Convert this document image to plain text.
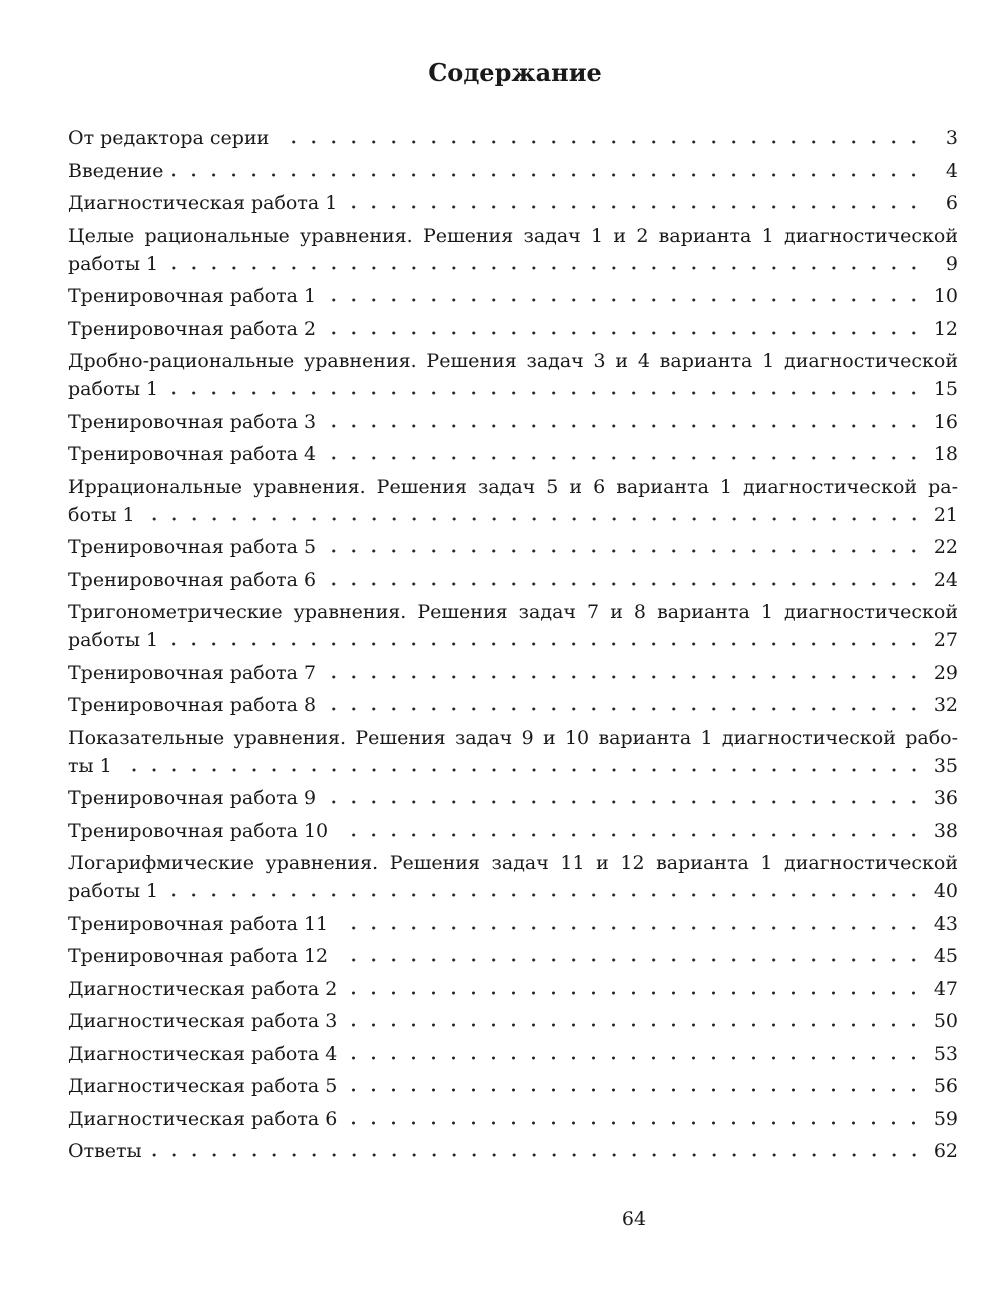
Содержание
От редактора серии	3
Введение	4
Диагностическая работа 1	6
Целые рациональные уравнения. Решения задач 1 и 2 варианта 1 диагностической
работы 1	9
Тренировочная работа 1	10
Тренировочная работа 2	12
Дробно-рациональные уравнения. Решения задач 3 и 4 варианта 1 диагностической
работы 1	15
Тренировочная работа 3	16
Тренировочная работа 4	18
Иррациональные уравнения. Решения задач 5 и 6 варианта 1 диагностической ра-
боты 1	21
Тренировочная работа 5	22
Тренировочная работа 6	24
Тригонометрические уравнения. Решения задач 7 и 8 варианта 1 диагностической
работы 1	27
Тренировочная работа 7	29
Тренировочная работа 8	32
Показательные уравнения. Решения задач 9 и 10 варианта 1 диагностической рабо-
ты 1	35
Тренировочная работа 9	36
Тренировочная работа 10	38
Логарифмические уравнения. Решения задач 11 и 12 варианта 1 диагностической
работы 1	40
Тренировочная работа 11	43
Тренировочная работа 12	45
Диагностическая работа 2	47
Диагностическая работа 3	50
Диагностическая работа 4	53
Диагностическая работа 5	56
Диагностическая работа 6	59
Ответы	62
64
